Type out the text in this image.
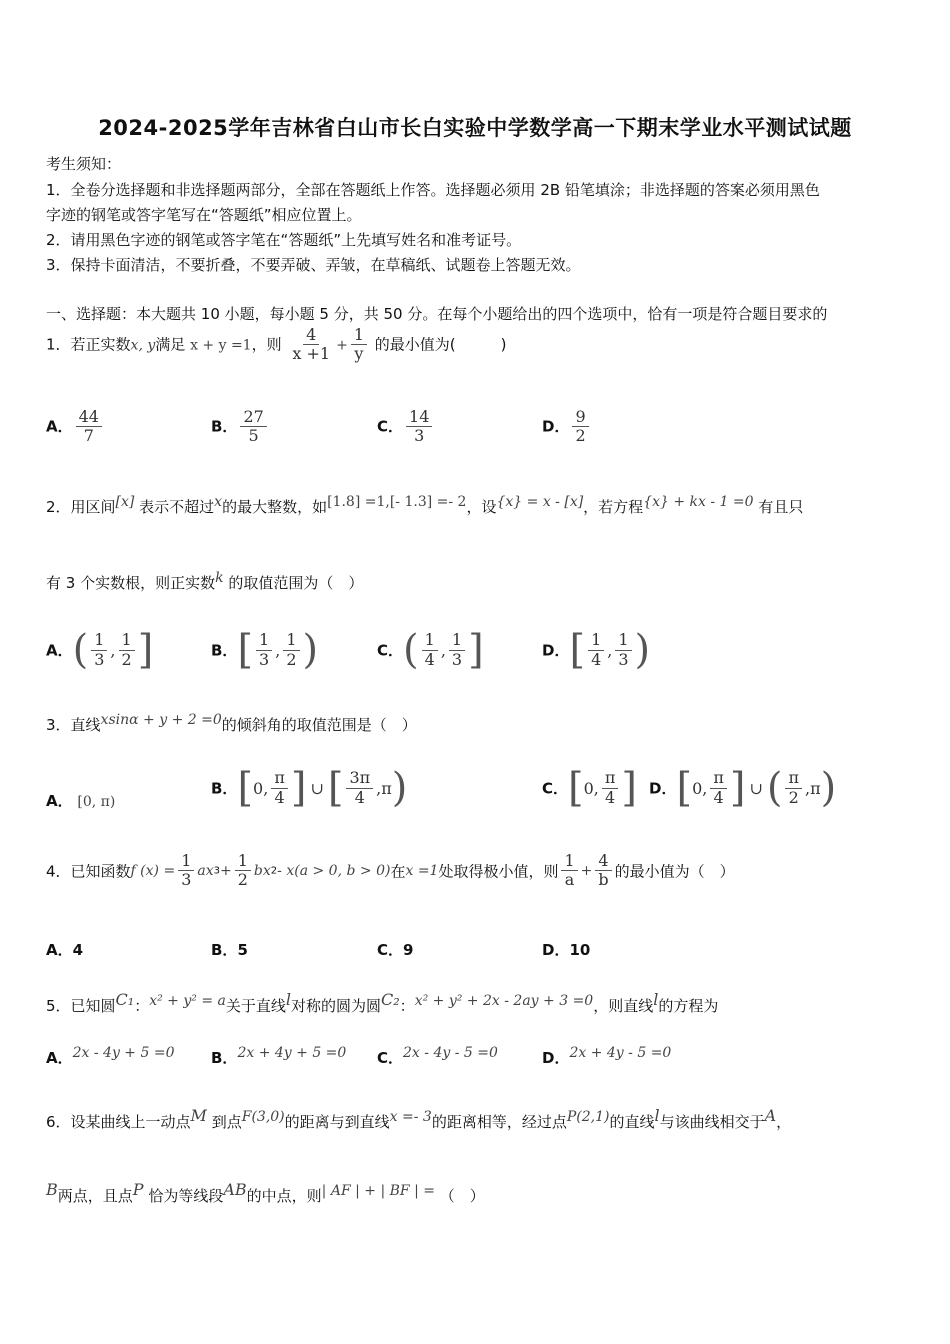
2024-2025学年吉林省白山市长白实验中学数学高一下期末学业水平测试试题
考生须知：
1．全卷分选择题和非选择题两部分，全部在答题纸上作答。选择题必须用 2B 铅笔填涂；非选择题的答案必须用黑色
字迹的钢笔或答字笔写在“答题纸”相应位置上。
2．请用黑色字迹的钢笔或答字笔在“答题纸”上先填写姓名和准考证号。
3．保持卡面清洁，不要折叠，不要弄破、弄皱，在草稿纸、试题卷上答题无效。
一、选择题：本大题共 10 小题，每小题 5 分，共 50 分。在每个小题给出的四个选项中，恰有一项是符合题目要求的
1．若正实数x, y满足 x + y =1，则 $\frac{4}{x +1} + \frac{1}{y}$ 的最小值为(　　　)
A． $\frac{44}{7}$	B． $\frac{27}{5}$	C． $\frac{14}{3}$	D． $\frac{9}{2}$
2．用区间[x] 表示不超过x的最大整数，如[1.8] =1,[- 1.3] =- 2，设{x} = x - [x]，若方程{x} + kx - 1 =0 有且只
有 3 个实数根，则正实数k 的取值范围为（　）
A． ( $\frac{1}{3}$ , $\frac{1}{2}$ ]	B． [ $\frac{1}{3}$ , $\frac{1}{2}$ )	C． ( $\frac{1}{4}$ , $\frac{1}{3}$ ]	D． [ $\frac{1}{4}$ , $\frac{1}{3}$ )
3．直线xsinα + y + 2 =0的倾斜角的取值范围是（　）
A． [0, π)
B． [ 0, $\frac{\pi}{4}$ ] ∪ [ $\frac{3\pi}{4} ,\pi$ )	C． [ 0, $\frac{\pi}{4}$ ] D． [ 0, $\frac{\pi}{4}$ ] ∪ ( $\frac{\pi}{2} ,\pi$ )
4．已知函数f $(x) = \frac{1}{3} ax3+ \frac{1}{2} bx2-$ x(a > 0, b > 0)在x =1处取得极小值，则 $\frac{1}{a} + \frac{4}{b}$ 的最小值为（　）
A．4	B．5	C．9	D．10
5．已知圆C₁：x² + y² = a关于直线l对称的圆为圆C₂：x² + y² + 2x - 2ay + 3 =0，则直线l的方程为
A．2x - 4y + 5 =0 B．2x + 4y + 5 =0 C．2x - 4y - 5 =0	D．2x + 4y - 5 =0
6．设某曲线上一动点M 到点F(3,0)的距离与到直线x =- 3的距离相等，经过点P(2,1)的直线l与该曲线相交于A，
B两点，且点P 恰为等线段AB的中点，则| AF | + | BF | = （　）
